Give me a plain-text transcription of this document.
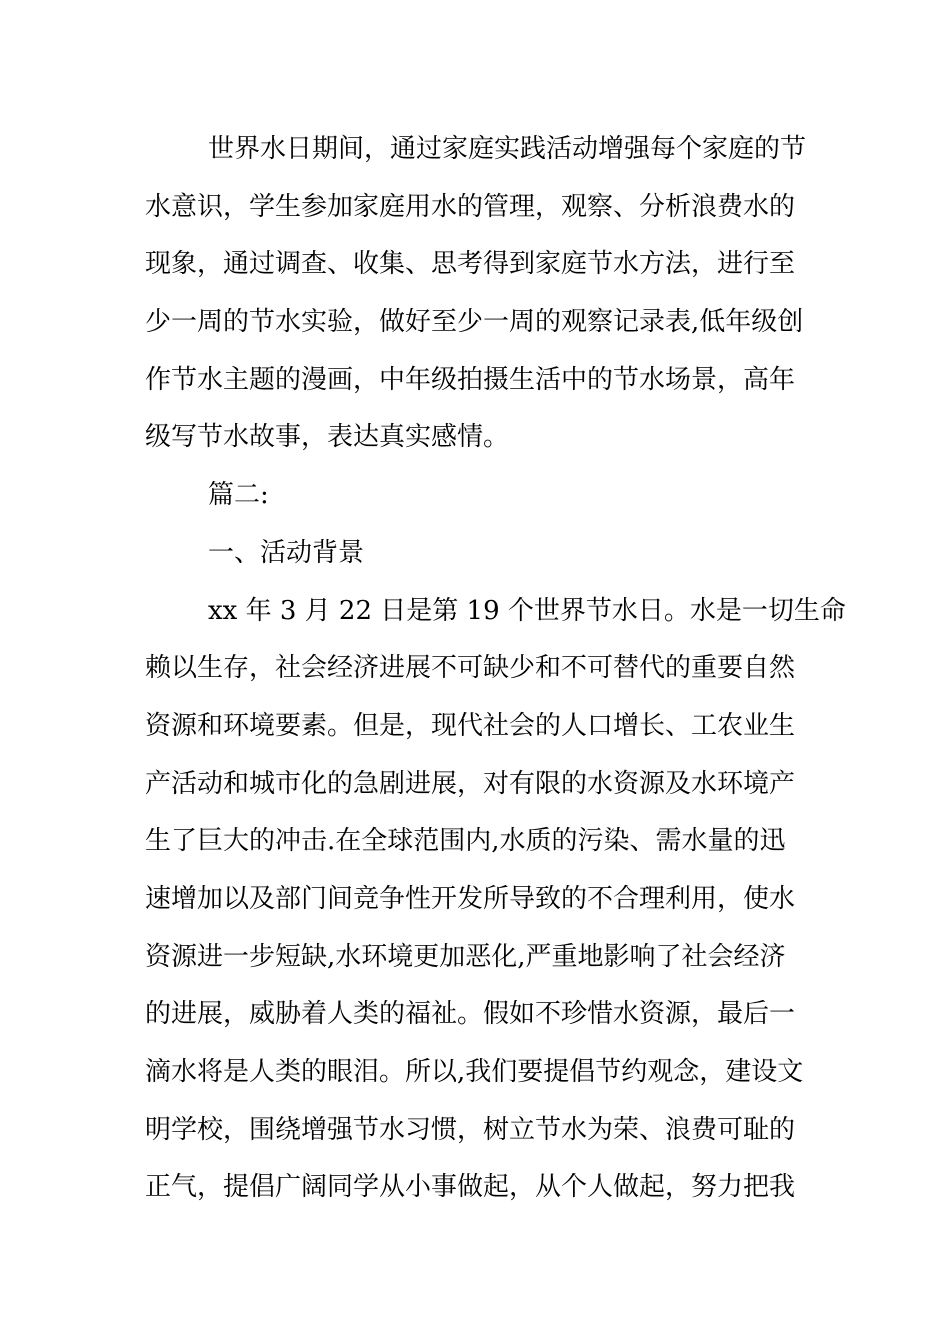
世界水日期间，通过家庭实践活动增强每个家庭的节
水意识，学生参加家庭用水的管理，观察、分析浪费水的
现象，通过调查、收集、思考得到家庭节水方法，进行至
少一周的节水实验，做好至少一周的观察记录表,低年级创
作节水主题的漫画，中年级拍摄生活中的节水场景，高年
级写节水故事，表达真实感情。
篇二:
一、活动背景
xx 年 3 月 22 日是第 19 个世界节水日。水是一切生命
赖以生存，社会经济进展不可缺少和不可替代的重要自然
资源和环境要素。但是，现代社会的人口增长、工农业生
产活动和城市化的急剧进展，对有限的水资源及水环境产
生了巨大的冲击.在全球范围内,水质的污染、需水量的迅
速增加以及部门间竞争性开发所导致的不合理利用，使水
资源进一步短缺,水环境更加恶化,严重地影响了社会经济
的进展，威胁着人类的福祉。假如不珍惜水资源，最后一
滴水将是人类的眼泪。所以,我们要提倡节约观念，建设文
明学校，围绕增强节水习惯，树立节水为荣、浪费可耻的
正气，提倡广阔同学从小事做起，从个人做起，努力把我
